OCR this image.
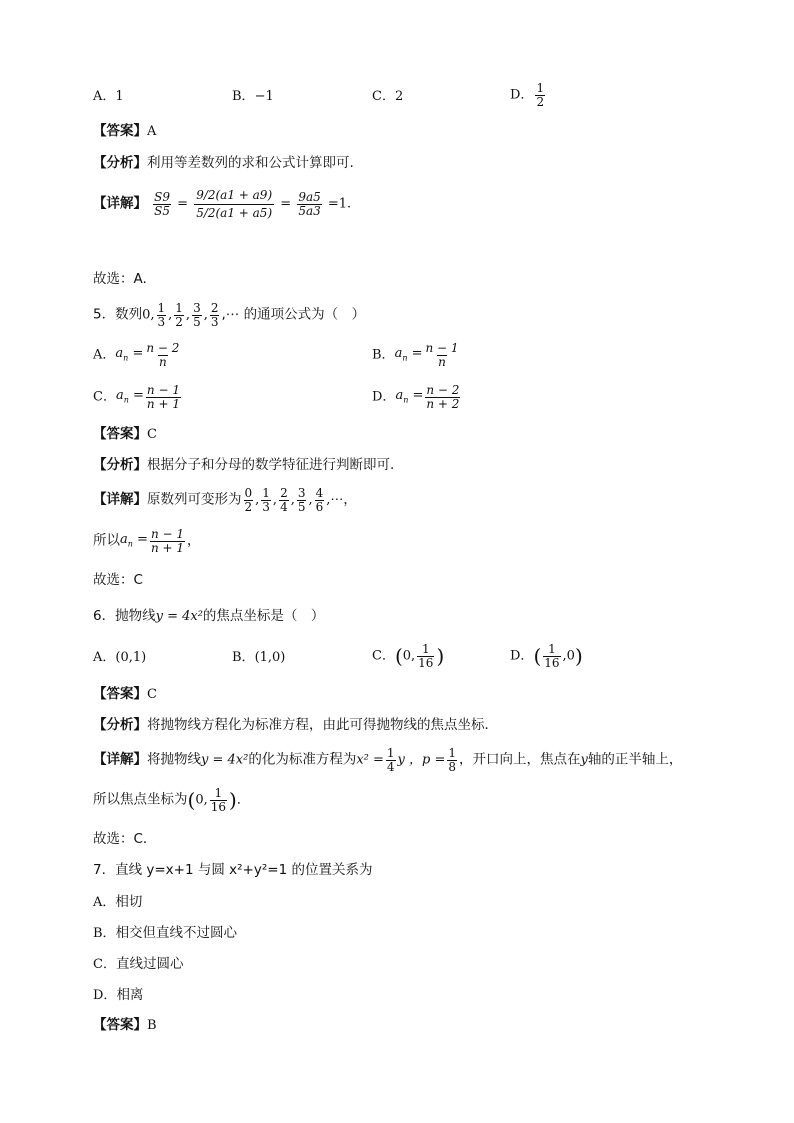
A．1	B．−1	C．2	D． $\frac{1}{2}$
【答案】A
【分析】利用等差数列的求和公式计算即可.
【详解】 $\frac{S9}{S5} = \frac{9/2(a1 + a9)}{5/2(a1 + a5)} = \frac{9a5}{5a3} =1$.
故选：A.
5．数列0, $\frac{1}{3}$ , $\frac{1}{2}$ , $\frac{3}{5}$ , $\frac{2}{3}$ ,⋯ 的通项公式为（　）
A．$a_n = \frac{n - 2}{n}$	B．$a_n = \frac{n - 1}{n}$
C．$a_n = \frac{n - 1}{n + 1}$	D．$a_n = \frac{n - 2}{n + 2}$
【答案】C
【分析】根据分子和分母的数学特征进行判断即可.
【详解】原数列可变形为 $\frac{0}{2}$ , $\frac{1}{3}$ , $\frac{2}{4}$ , $\frac{3}{5}$ , $\frac{4}{6}$ ,⋯，
所以$a_n = \frac{n - 1}{n + 1}$ ，
故选：C
6．抛物线y = 4x²的焦点坐标是（　）
A．(0,1)	B．(1,0)	C．(0, $\frac{1}{16}$ )	D．( $\frac{1}{16} ,0$)
【答案】C
【分析】将抛物线方程化为标准方程，由此可得抛物线的焦点坐标．
【详解】将抛物线y = 4x²的化为标准方程为$x^2 = \frac{1}{4}$ y ，$p = \frac{1}{8}$ ，开口向上，焦点在y轴的正半轴上，
所以焦点坐标为(0, $\frac{1}{16}$ )．
故选：C．
7．直线 y=x+1 与圆 x²+y²=1 的位置关系为
A．相切
B．相交但直线不过圆心
C．直线过圆心
D．相离
【答案】B
